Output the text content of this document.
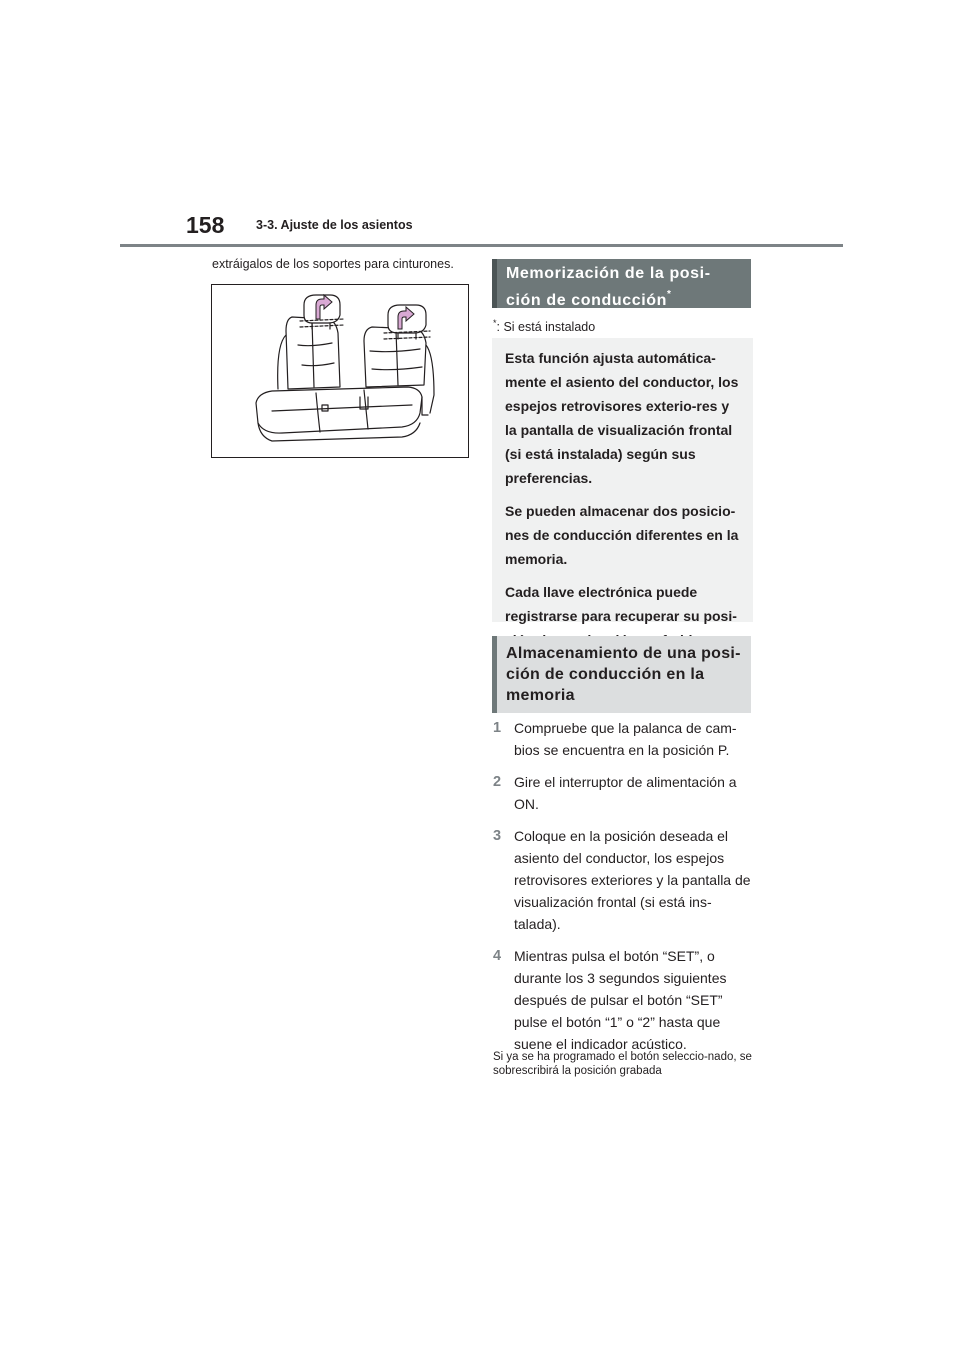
158	3-3. Ajuste de los asientos
extráigalos de los soportes para cinturones.
Memorización de la posi-
ción de conducción*
*: Si está instalado

Esta función ajusta automática-mente el asiento del conductor, los espejos retrovisores exterio-res y la pantalla de visualización frontal (si está instalada) según sus preferencias.

Se pueden almacenar dos posicio-nes de conducción diferentes en la memoria.

Cada llave electrónica puede registrarse para recuperar su posi-

Almacenamiento de una posi-
ción de conducción en la
memoria
1 Compruebe que la palanca de cam-bios se encuentra en la posición P.
2 Gire el interruptor de alimentación a ON.
3 Coloque en la posición deseada el asiento del conductor, los espejos retrovisores exteriores y la pantalla de visualización frontal (si está ins-talada).
4 Mientras pulsa el botón “SET”, o durante los 3 segundos siguientes después de pulsar el botón “SET” pulse el botón “1” o “2” hasta que suene el indicador acústico.
Si ya se ha programado el botón seleccio-nado, se sobrescribirá la posición grabada
